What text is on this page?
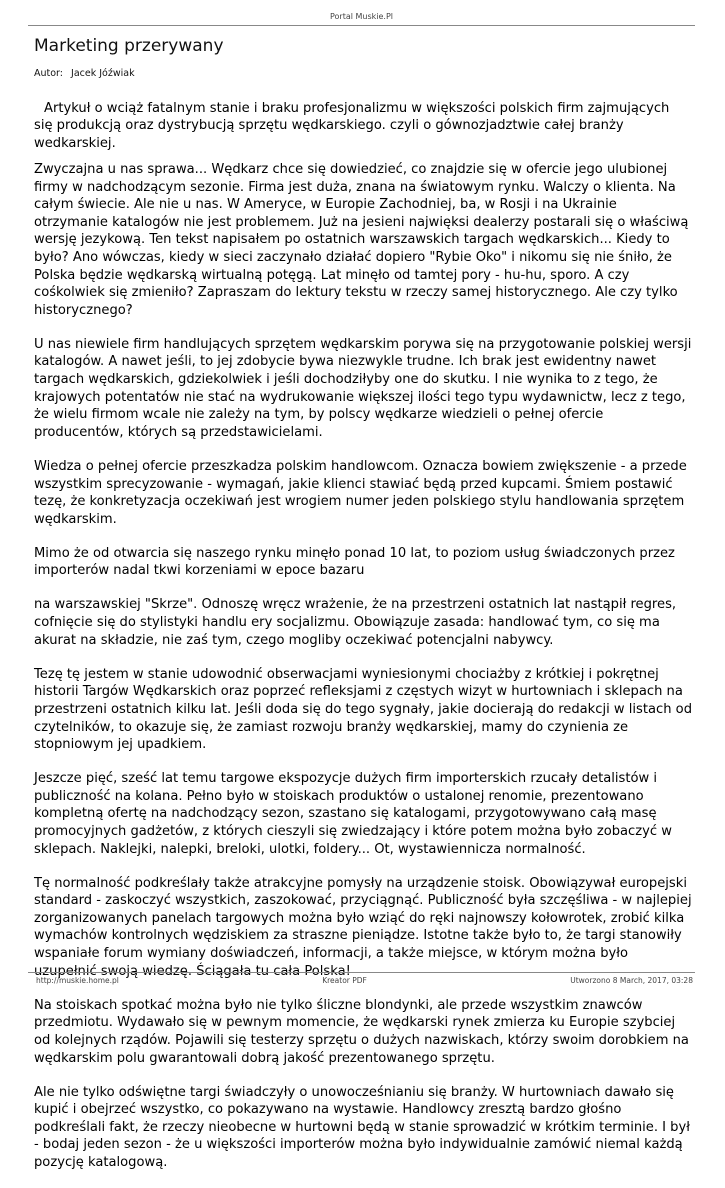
Portal Muskie.Pl
Marketing przerywany
Autor: Jacek Jóźwiak

Artykuł o wciąż fatalnym stanie i braku profesjonalizmu w większości polskich firm zajmujących się produkcją oraz dystrybucją sprzętu wędkarskiego. czyli o gównozjadztwie całej branży wedkarskiej.

Zwyczajna u nas sprawa... Wędkarz chce się dowiedzieć, co znajdzie się w ofercie jego ulubionej firmy w nadchodzącym sezonie. Firma jest duża, znana na światowym rynku. Walczy o klienta. Na całym świecie. Ale nie u nas. W Ameryce, w Europie Zachodniej, ba, w Rosji i na Ukrainie otrzymanie katalogów nie jest problemem. Już na jesieni najwięksi dealerzy postarali się o właściwą wersję jezykową. Ten tekst napisałem po ostatnich warszawskich targach wędkarskich... Kiedy to było? Ano wówczas, kiedy w sieci zaczynało działać dopiero "Rybie Oko" i nikomu się nie śniło, że Polska będzie wędkarską wirtualną potęgą. Lat minęło od tamtej pory - hu-hu, sporo. A czy cośkolwiek się zmieniło? Zapraszam do lektury tekstu w rzeczy samej historycznego. Ale czy tylko historycznego?

U nas niewiele firm handlujących sprzętem wędkarskim porywa się na przygotowanie polskiej wersji katalogów. A nawet jeśli, to jej zdobycie bywa niezwykle trudne. Ich brak jest ewidentny nawet targach wędkarskich, gdziekolwiek i jeśli dochodziłyby one do skutku. I nie wynika to z tego, że krajowych potentatów nie stać na wydrukowanie większej ilości tego typu wydawnictw, lecz z tego, że wielu firmom wcale nie zależy na tym, by polscy wędkarze wiedzieli o pełnej ofercie producentów, których są przedstawicielami.

Wiedza o pełnej ofercie przeszkadza polskim handlowcom. Oznacza bowiem zwiększenie - a przede wszystkim sprecyzowanie - wymagań, jakie klienci stawiać będą przed kupcami. Śmiem postawić tezę, że konkretyzacja oczekiwań jest wrogiem numer jeden polskiego stylu handlowania sprzętem wędkarskim.

Mimo że od otwarcia się naszego rynku minęło ponad 10 lat, to poziom usług świadczonych przez importerów nadal tkwi korzeniami w epoce bazaru

na warszawskiej "Skrze". Odnoszę wręcz wrażenie, że na przestrzeni ostatnich lat nastąpił regres, cofnięcie się do stylistyki handlu ery socjalizmu. Obowiązuje zasada: handlować tym, co się ma akurat na składzie, nie zaś tym, czego mogliby oczekiwać potencjalni nabywcy.

Tezę tę jestem w stanie udowodnić obserwacjami wyniesionymi chociażby z krótkiej i pokrętnej historii Targów Wędkarskich oraz poprzeć refleksjami z częstych wizyt w hurtowniach i sklepach na przestrzeni ostatnich kilku lat. Jeśli doda się do tego sygnały, jakie docierają do redakcji w listach od czytelników, to okazuje się, że zamiast rozwoju branży wędkarskiej, mamy do czynienia ze stopniowym jej upadkiem.

Jeszcze pięć, sześć lat temu targowe ekspozycje dużych firm importerskich rzucały detalistów i publiczność na kolana. Pełno było w stoiskach produktów o ustalonej renomie, prezentowano kompletną ofertę na nadchodzący sezon, szastano się katalogami, przygotowywano całą masę promocyjnych gadżetów, z których cieszyli się zwiedzający i które potem można było zobaczyć w sklepach. Naklejki, nalepki, breloki, ulotki, foldery... Ot, wystawiennicza normalność.

Tę normalność podkreślały także atrakcyjne pomysły na urządzenie stoisk. Obowiązywał europejski standard - zaskoczyć wszystkich, zaszokować, przyciągnąć. Publiczność była szczęśliwa - w najlepiej zorganizowanych panelach targowych można było wziąć do ręki najnowszy kołowrotek, zrobić kilka wymachów kontrolnych wędziskiem za straszne pieniądze. Istotne także było to, że targi stanowiły wspaniałe forum wymiany doświadczeń, informacji, a także miejsce, w którym można było uzupełnić swoją wiedzę. Ściągała tu cała Polska!

Na stoiskach spotkać można było nie tylko śliczne blondynki, ale przede wszystkim znawców przedmiotu. Wydawało się w pewnym momencie, że wędkarski rynek zmierza ku Europie szybciej od kolejnych rządów. Pojawili się testerzy sprzętu o dużych nazwiskach, którzy swoim dorobkiem na wędkarskim polu gwarantowali dobrą jakość prezentowanego sprzętu.

Ale nie tylko odświętne targi świadczyły o unowocześnianiu się branży. W hurtowniach dawało się kupić i obejrzeć wszystko, co pokazywano na wystawie. Handlowcy zresztą bardzo głośno podkreślali fakt, że rzeczy nieobecne w hurtowni będą w stanie sprowadzić w krótkim terminie. I był - bodaj jeden sezon - że u większości importerów można było indywidualnie zamówić niemal każdą pozycję katalogową.

http://muskie.home.pl	Kreator PDF	Utworzono 8 March, 2017, 03:28
